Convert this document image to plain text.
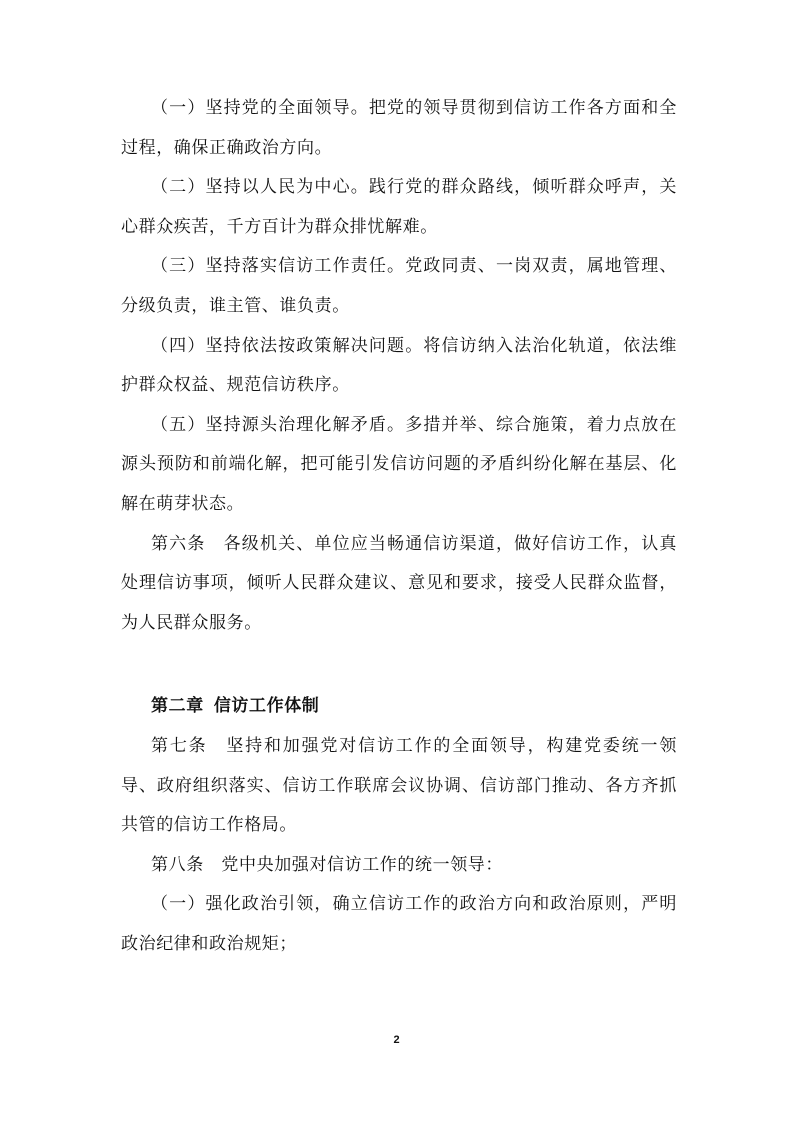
（一）坚持党的全面领导。把党的领导贯彻到信访工作各方面和全过程，确保正确政治方向。

（二）坚持以人民为中心。践行党的群众路线，倾听群众呼声，关心群众疾苦，千方百计为群众排忧解难。

（三）坚持落实信访工作责任。党政同责、一岗双责，属地管理、分级负责，谁主管、谁负责。

（四）坚持依法按政策解决问题。将信访纳入法治化轨道，依法维护群众权益、规范信访秩序。

（五）坚持源头治理化解矛盾。多措并举、综合施策，着力点放在源头预防和前端化解，把可能引发信访问题的矛盾纠纷化解在基层、化解在萌芽状态。

第六条　各级机关、单位应当畅通信访渠道，做好信访工作，认真处理信访事项，倾听人民群众建议、意见和要求，接受人民群众监督，为人民群众服务。

第二章 信访工作体制

第七条　坚持和加强党对信访工作的全面领导，构建党委统一领导、政府组织落实、信访工作联席会议协调、信访部门推动、各方齐抓共管的信访工作格局。

第八条　党中央加强对信访工作的统一领导：

（一）强化政治引领，确立信访工作的政治方向和政治原则，严明政治纪律和政治规矩；

2
